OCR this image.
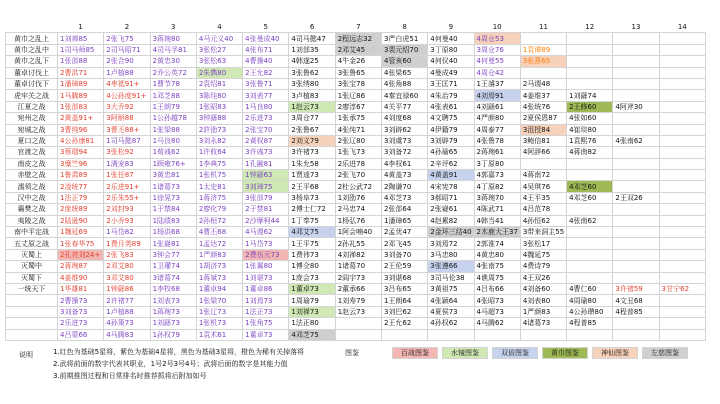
	1	2	3	4	5	6	7	8	9	10	11	12	13	14
黄巾之乱上	1刘禅85	2张飞75	3蒋琬80	4马元义40	4张曼成40	4司马懿47	2程远志32	3严白虎51	4何曼40	4周仓53				
黄巾之乱中	1司马师85	2司马昭71	4司马孚81	3张松27	4张布71	1刘郃35	2邓艾45	3裴元绍70	3丁原80	3周仓76	1袁谭89			
黄巾之乱下	1张郃88	2张合90	2黄忠30	3张松63	4曹操40	4韩遂25	4牛金26	4管亥60	4何仪40	4何曼55	3张燕65			
董卓讨伐上	2曹洪71	1卢植88	2乔公英72	2朱儁80	2王允82	3张鲁62	3张鲁65	4张梁65	4曼成49	4周仓42				
董卓讨伐下	1潘璋89	4枣祗91+	1曹节78	2袁绍81	3张鲁71	3张绣80	3张宝78	4张角88	3王匡71	1王濬37	2马谡48			
虎牢关之战	1马腾89	4公孙度91+	1邓芝88	3陈珪80	3刘表77	3卢植83	1张辽86	4秦宜禄60	4朱治79	4刘焉91	4姜维37	1刘繇74		
江夏之战	1张郃83	3大乔92	1王朗79	1张昭83	1马良80	1赵云73	2廖淳67	4关平77	4张表61	4刘繇61	4张统76	2王修60	4阿斧30	
宛州之战	2黄盖91+	3阿斛88	1公孙越78	3钟繇88	2乐进73	3周仓77	1张承75	4刘度68	4文聘75	4严颜80	2夏侯恩87	4张如60		
宛城之战	3曹纯96	3曹丕88+	1张梁88	2許劭73	2张宝70	2张鲁67	4张纯71	3刘辟62	4伊籍79	4周泰77	3沮授84	4崔琰80		
夏口之战	4公孙康81	1司马懿87	1马良80	3刘永82	2黄权87	2刘义79	2张辽80	3刘虞73	3刘辟79	4张鲁78	3鲍信81	1袁熙76	4张南62	
官渡之战	3蔡瑁94	3张松92	1荀彧62	1许攸64	3许彧73	3许褚73	1张飞73	3刘备72	4孙瑜65	2蒋琬61	4阿辞66	4蒋南82		
南皮之战	3糜竺96	1满宠83	1顾雍76+	1李典75	1孔融81	1朱允58	2乐进78	4李权61	2辛评62	3丁原80				
赤壁之战	1鲁肃89	1张任87	3黄忠81	1张机75	1钟繇63	1贾逵73	2张飞70	4黄盖73	4黄盖91	4郭嘉73	4蒋南72			
濡须之战	2凌统77	2乐进91+	1诸葛73	1太史81	3刘璋75	2王平68	2杜公武72	2陶谦70	4宋宪78	4丁原82	4吴琪76	4邓芝60		
汉中之战	1法正79	2乐朱55+	1徐晃73	1蒋济75	3张郃79	3杨阜73	1刘劭76	4邓芝73	3郝昭71	3蒋琬70	4王平35	4邓芝60	2王双26	
襄樊之战	2庞统89	2刘封93	1于禁84	2廖化79	2于禁81	2傅士仁72	2马忠74	2张郃64	2张嶷61	4陈武71	4吕范78			
夷陵之战	2陆逊90	2小乔93	1陆绩83	2孙桓72	2沙摩柯44	1丁奉75	1杨弘76	1潘璋65	4赵累82	4韩当41	4孙恒62	4张南62		
南中平定战	1魏延69	1马岱82	1杨洪68	4曹丕68	4马谡62	4邓艾75	1阿会喃40	2孟优47	2金环三结40	2木鹿大王37	3带来洞主55			
五丈原之战	1张春华75	1费月英89	1张嶷81	1孟达72	1马岱73	1王平75	2孙礼55	2邓飞45	3刘焉72	2郭淮74	3张松17			
灭蜀上	2孔亮刘24+	2张飞83	3钟会77	1严颜83	2费伍元73	1费祎73	4刘禅82	3刘备70	3马忠80	4黄忠80	4魏延75			
灭蜀中	2蒋琬87	2邓艾80	1卫瓘74	1胡济73	1张翼80	1傅佥80	1诸葛70	2王伦59	3张遵66	4张南75	4费诗79			
灭蜀下	4姜维90	3邓艾80	3诸葛74	1蒋斌73	1刘谌73	1庞会73	2阎宇73	3刘谌68	3司马伦38	4谯周75	4王双26			
一统天下	1华雄81	1钟繇86	1李牧68	1董卓94	1董卓86	1董卓73	2董承66	3吕布65	3黄祖75	4吕布66	4刘备60	4曹仁60	3许褚59	3甘宁62
	2曹操73	2许褚77	1刘表73	1张梁70	1刘焉73	1周瑜79	1刘寿79	1王朗64	4张颖64	4张昭73	4刘表80	4周瑜80	4文丑68	
	3刘备73	1卢植88	1蒋琬73	1张辽73	1法正73	1刘禅73	1赵云73	3刘巴62	4夏侯73	4马超73	1严颜83	4公孙瓒80	4程普85	
	2乐进73	4孙策73	1刘繇73	1张机73	1张角75	1法正80		2王允62	4孙权62	4马腾62	4诸葛73	4程普85		
	4吕蒙66	4马腾83	1孙权79	1袁术61	1董卓73	4邓芝75								
说明	1.红色为基础5星将，紫色为基础4星将，黑色为基础3星将，橙色为稀有关掉落将
2.武将前面的数字代表其职业，1号2号3号4号；武将后面的数字是其能力值
3.前期推图过程和日常排名时推荐抓将后附加如号
图鉴	百战图鉴	水镜图鉴	双倍图鉴	黄巾图鉴	神仙图鉴	左慈图鉴
